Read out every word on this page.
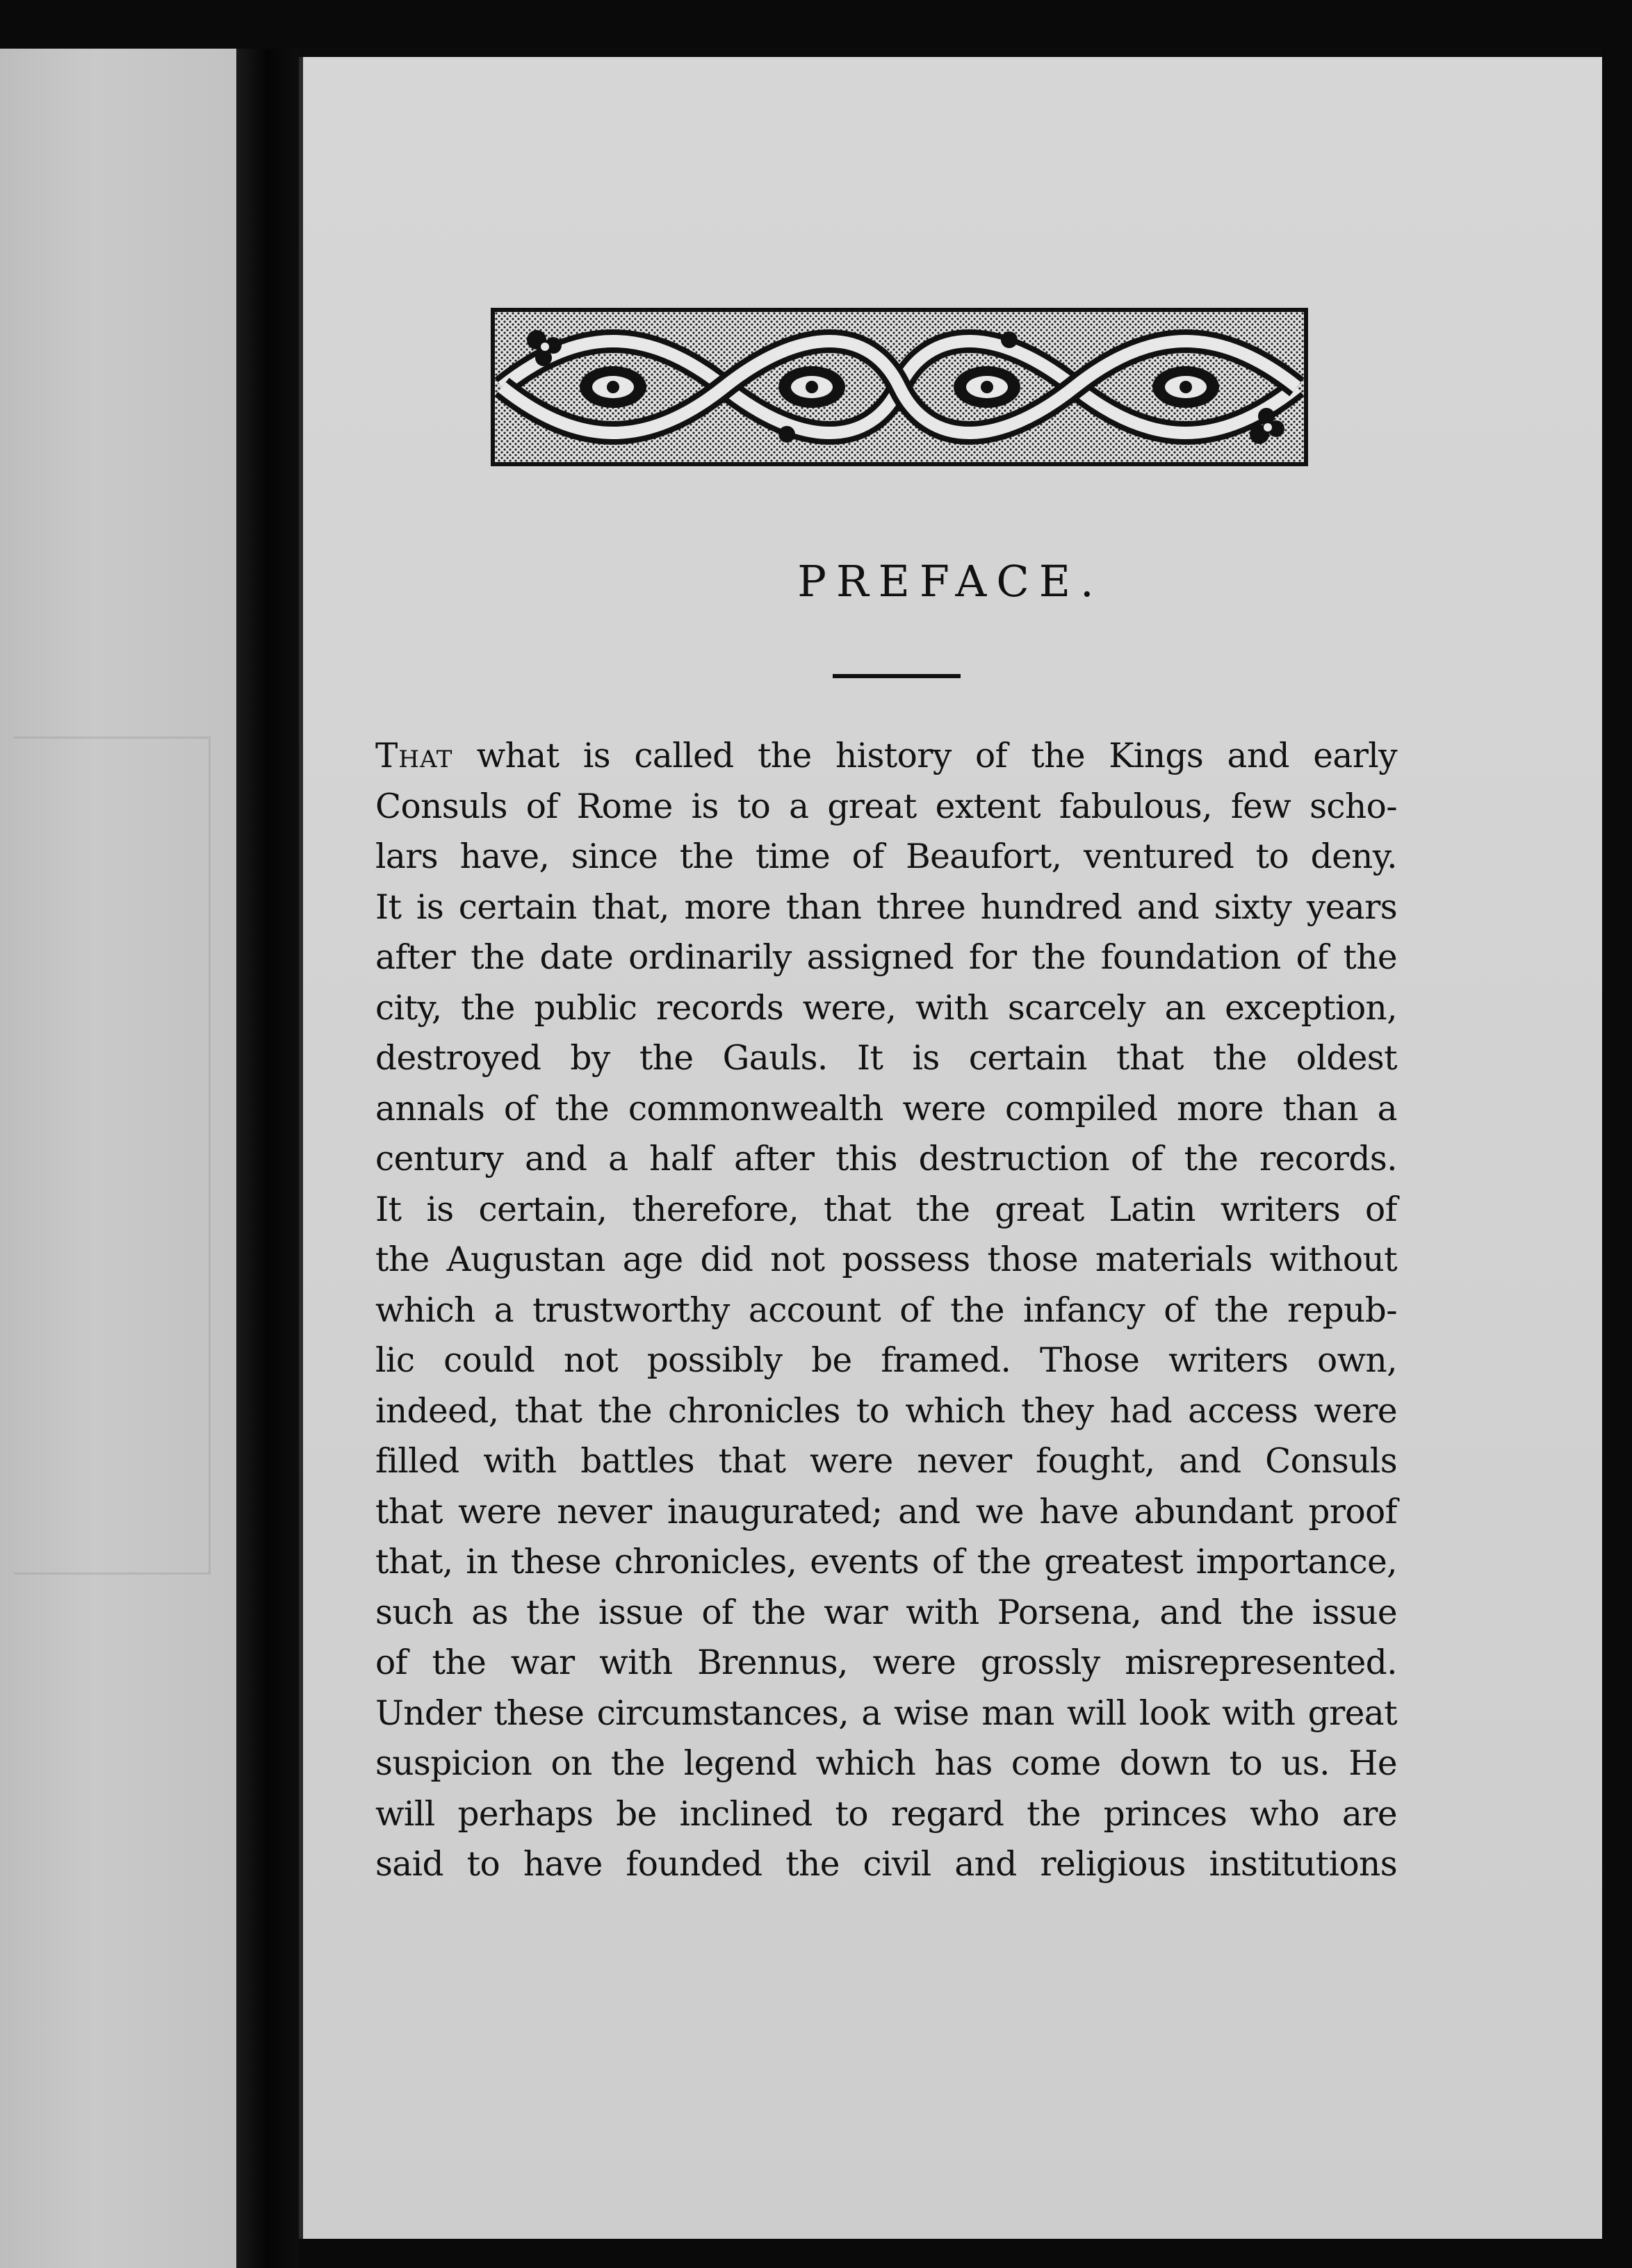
PREFACE.
That what is called the history of the Kings and early
Consuls of Rome is to a great extent fabulous, few scho-
lars have, since the time of Beaufort, ventured to deny.
It is certain that, more than three hundred and sixty years
after the date ordinarily assigned for the foundation of the
city, the public records were, with scarcely an exception,
destroyed by the Gauls. It is certain that the oldest
annals of the commonwealth were compiled more than a
century and a half after this destruction of the records.
It is certain, therefore, that the great Latin writers of
the Augustan age did not possess those materials without
which a trustworthy account of the infancy of the repub-
lic could not possibly be framed. Those writers own,
indeed, that the chronicles to which they had access were
filled with battles that were never fought, and Consuls
that were never inaugurated; and we have abundant proof
that, in these chronicles, events of the greatest importance,
such as the issue of the war with Porsena, and the issue
of the war with Brennus, were grossly misrepresented.
Under these circumstances, a wise man will look with great
suspicion on the legend which has come down to us. He
will perhaps be inclined to regard the princes who are
said to have founded the civil and religious institutions
